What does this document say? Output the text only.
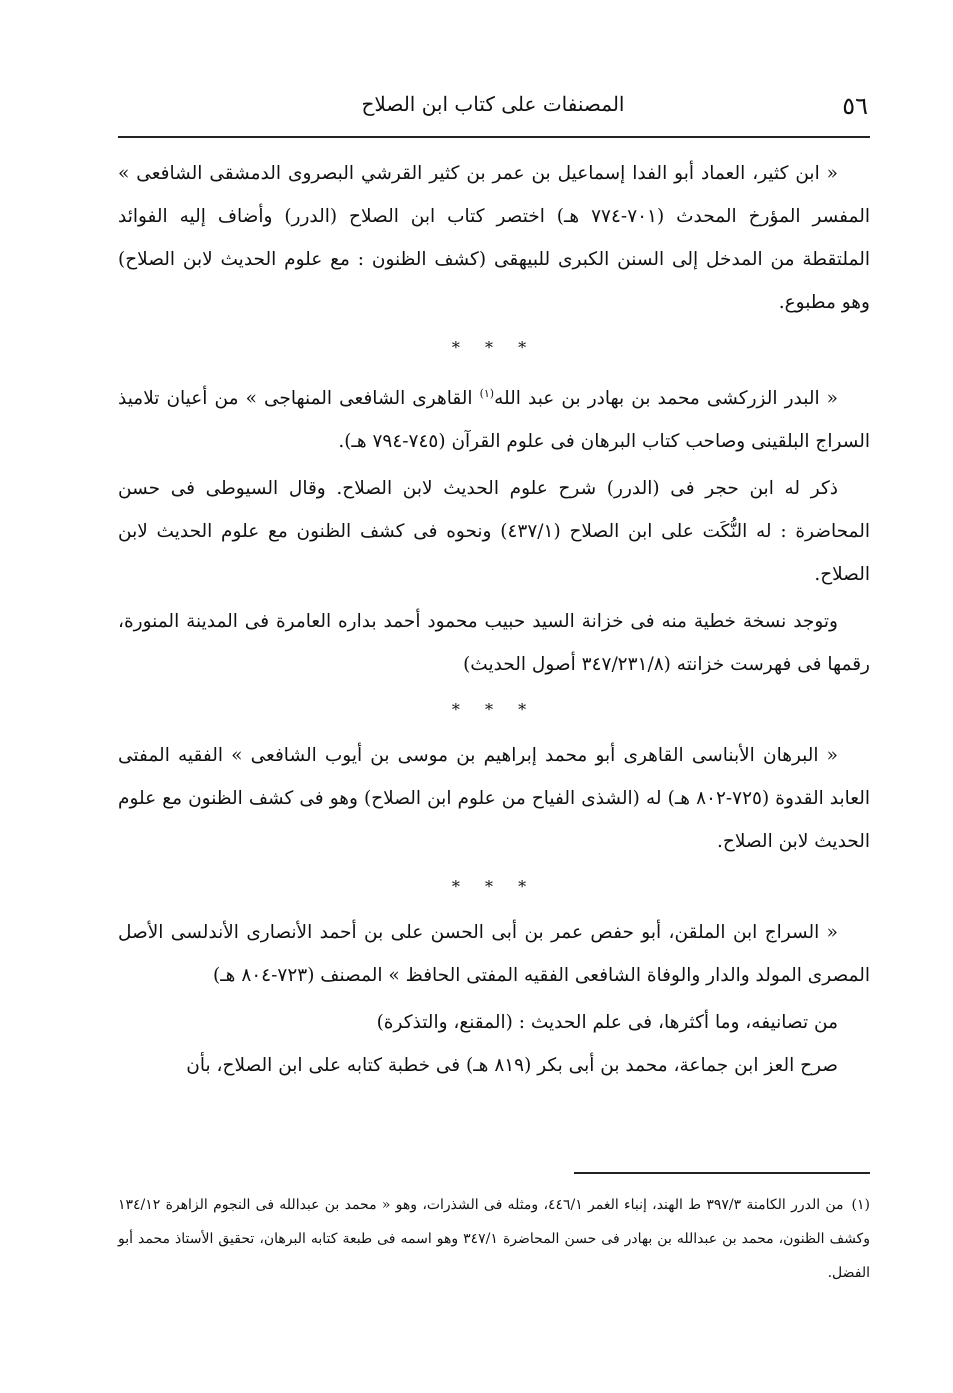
٥٦
المصنفات على كتاب ابن الصلاح

« ابن كثير، العماد أبو الفدا إسماعيل بن عمر بن كثير القرشي البصروى الدمشقى الشافعى » المفسر المؤرخ المحدث (٧٠١-٧٧٤ هـ) اختصر كتاب ابن الصلاح (الدرر) وأضاف إليه الفوائد الملتقطة من المدخل إلى السنن الكبرى للبيهقى (كشف الظنون : مع علوم الحديث لابن الصلاح) وهو مطبوع.

* * *

« البدر الزركشى محمد بن بهادر بن عبد الله$^{(١)}$ القاهرى الشافعى المنهاجى » من أعيان تلاميذ السراج البلقينى وصاحب كتاب البرهان فى علوم القرآن (٧٤٥-٧٩٤ هـ).

ذكر له ابن حجر فى (الدرر) شرح علوم الحديث لابن الصلاح. وقال السيوطى فى حسن المحاضرة : له النُّكَت على ابن الصلاح (٤٣٧/١) ونحوه فى كشف الظنون مع علوم الحديث لابن الصلاح.

وتوجد نسخة خطية منه فى خزانة السيد حبيب محمود أحمد بداره العامرة فى المدينة المنورة، رقمها فى فهرست خزانته (٣٤٧/٢٣١/٨ أصول الحديث)

* * *

« البرهان الأبناسى القاهرى أبو محمد إبراهيم بن موسى بن أيوب الشافعى » الفقيه المفتى العابد القدوة (٧٢٥-٨٠٢ هـ) له (الشذى الفياح من علوم ابن الصلاح) وهو فى كشف الظنون مع علوم الحديث لابن الصلاح.

* * *

« السراج ابن الملقن، أبو حفص عمر بن أبى الحسن على بن أحمد الأنصارى الأندلسى الأصل المصرى المولد والدار والوفاة الشافعى الفقيه المفتى الحافظ » المصنف (٧٢٣-٨٠٤ هـ)

من تصانيفه، وما أكثرها، فى علم الحديث : (المقنع، والتذكرة)

صرح العز ابن جماعة، محمد بن أبى بكر (٨١٩ هـ) فى خطبة كتابه على ابن الصلاح، بأن

(١)من الدرر الكامنة ٣٩٧/٣ ط الهند، إنباء الغمر ٤٤٦/١، ومثله فى الشذرات، وهو « محمد بن عبدالله فى النجوم الزاهرة ١٣٤/١٢ وكشف الظنون، محمد بن عبدالله بن بهادر فى حسن المحاضرة ٣٤٧/١ وهو اسمه فى طبعة كتابه البرهان، تحقيق الأستاذ محمد أبو الفضل.
